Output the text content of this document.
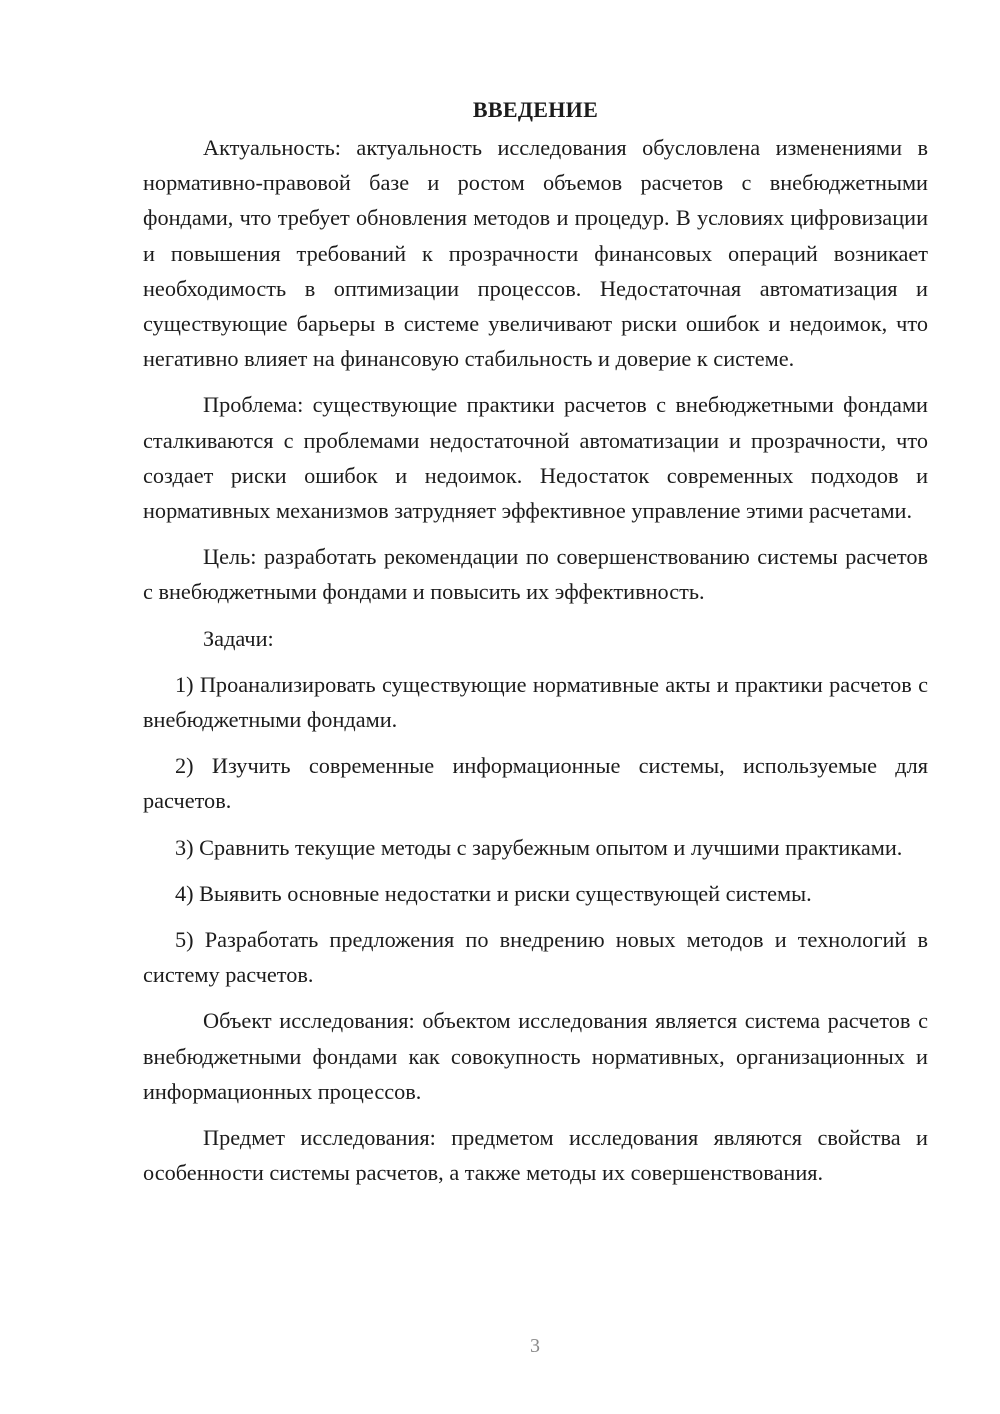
ВВЕДЕНИЕ

Актуальность: актуальность исследования обусловлена изменениями в нормативно-правовой базе и ростом объемов расчетов с внебюджетными фондами, что требует обновления методов и процедур. В условиях цифровизации и повышения требований к прозрачности финансовых операций возникает необходимость в оптимизации процессов. Недостаточная автоматизация и существующие барьеры в системе увеличивают риски ошибок и недоимок, что негативно влияет на финансовую стабильность и доверие к системе.

Проблема: существующие практики расчетов с внебюджетными фондами сталкиваются с проблемами недостаточной автоматизации и прозрачности, что создает риски ошибок и недоимок. Недостаток современных подходов и нормативных механизмов затрудняет эффективное управление этими расчетами.

Цель: разработать рекомендации по совершенствованию системы расчетов с внебюджетными фондами и повысить их эффективность.

Задачи:

1) Проанализировать существующие нормативные акты и практики расчетов с внебюджетными фондами.

2) Изучить современные информационные системы, используемые для расчетов.

3) Сравнить текущие методы с зарубежным опытом и лучшими практиками.

4) Выявить основные недостатки и риски существующей системы.

5) Разработать предложения по внедрению новых методов и технологий в систему расчетов.

Объект исследования: объектом исследования является система расчетов с внебюджетными фондами как совокупность нормативных, организационных и информационных процессов.

Предмет исследования: предметом исследования являются свойства и особенности системы расчетов, а также методы их совершенствования.

3
